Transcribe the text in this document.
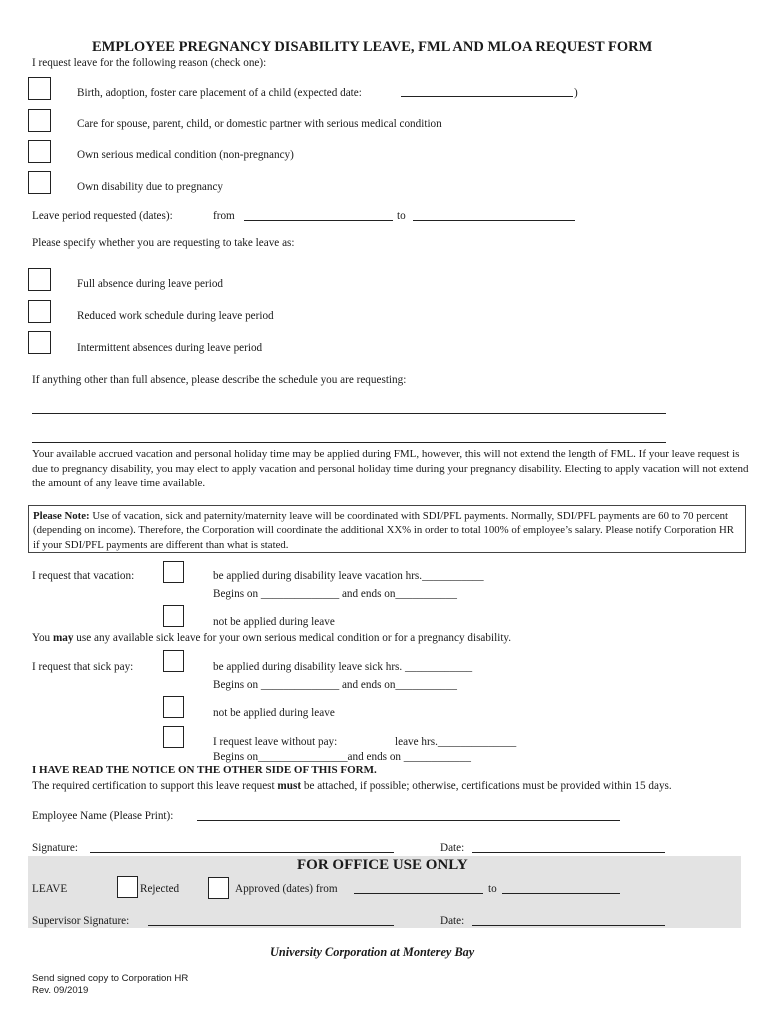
EMPLOYEE PREGNANCY DISABILITY LEAVE, FML AND MLOA REQUEST FORM
I request leave for the following reason (check one):
Birth, adoption, foster care placement of a child (expected date:	)
Care for spouse, parent, child, or domestic partner with serious medical condition
Own serious medical condition (non-pregnancy)
Own disability due to pregnancy
Leave period requested (dates):	from	to
Please specify whether you are requesting to take leave as:
Full absence during leave period
Reduced work schedule during leave period
Intermittent absences during leave period
If anything other than full absence, please describe the schedule you are requesting:
Your available accrued vacation and personal holiday time may be applied during FML, however, this will not extend the length of FML. If your leave request is due to pregnancy disability, you may elect to apply vacation and personal holiday time during your pregnancy disability. Electing to apply vacation will not extend the amount of any leave time available.
Please Note: Use of vacation, sick and paternity/maternity leave will be coordinated with SDI/PFL payments. Normally, SDI/PFL payments are 60 to 70 percent (depending on income). Therefore, the Corporation will coordinate the additional XX% in order to total 100% of employee’s salary. Please notify Corporation HR if your SDI/PFL payments are different than what is stated.
I request that vacation:	be applied during disability leave vacation hrs.___________
Begins on ______________ and ends on___________
not be applied during leave
You may use any available sick leave for your own serious medical condition or for a pregnancy disability.
I request that sick pay:	be applied during disability leave sick hrs. ____________
Begins on ______________ and ends on___________
not be applied during leave
I request leave without pay:	leave hrs.______________
Begins on________________and ends on ____________
I HAVE READ THE NOTICE ON THE OTHER SIDE OF THIS FORM.
The required certification to support this leave request must be attached, if possible; otherwise, certifications must be provided within 15 days.
Employee Name (Please Print):
Signature:	Date:
FOR OFFICE USE ONLY
LEAVE	Rejected	Approved (dates) from	to
Supervisor Signature:	Date:
University Corporation at Monterey Bay
Send signed copy to Corporation HR
Rev. 09/2019
